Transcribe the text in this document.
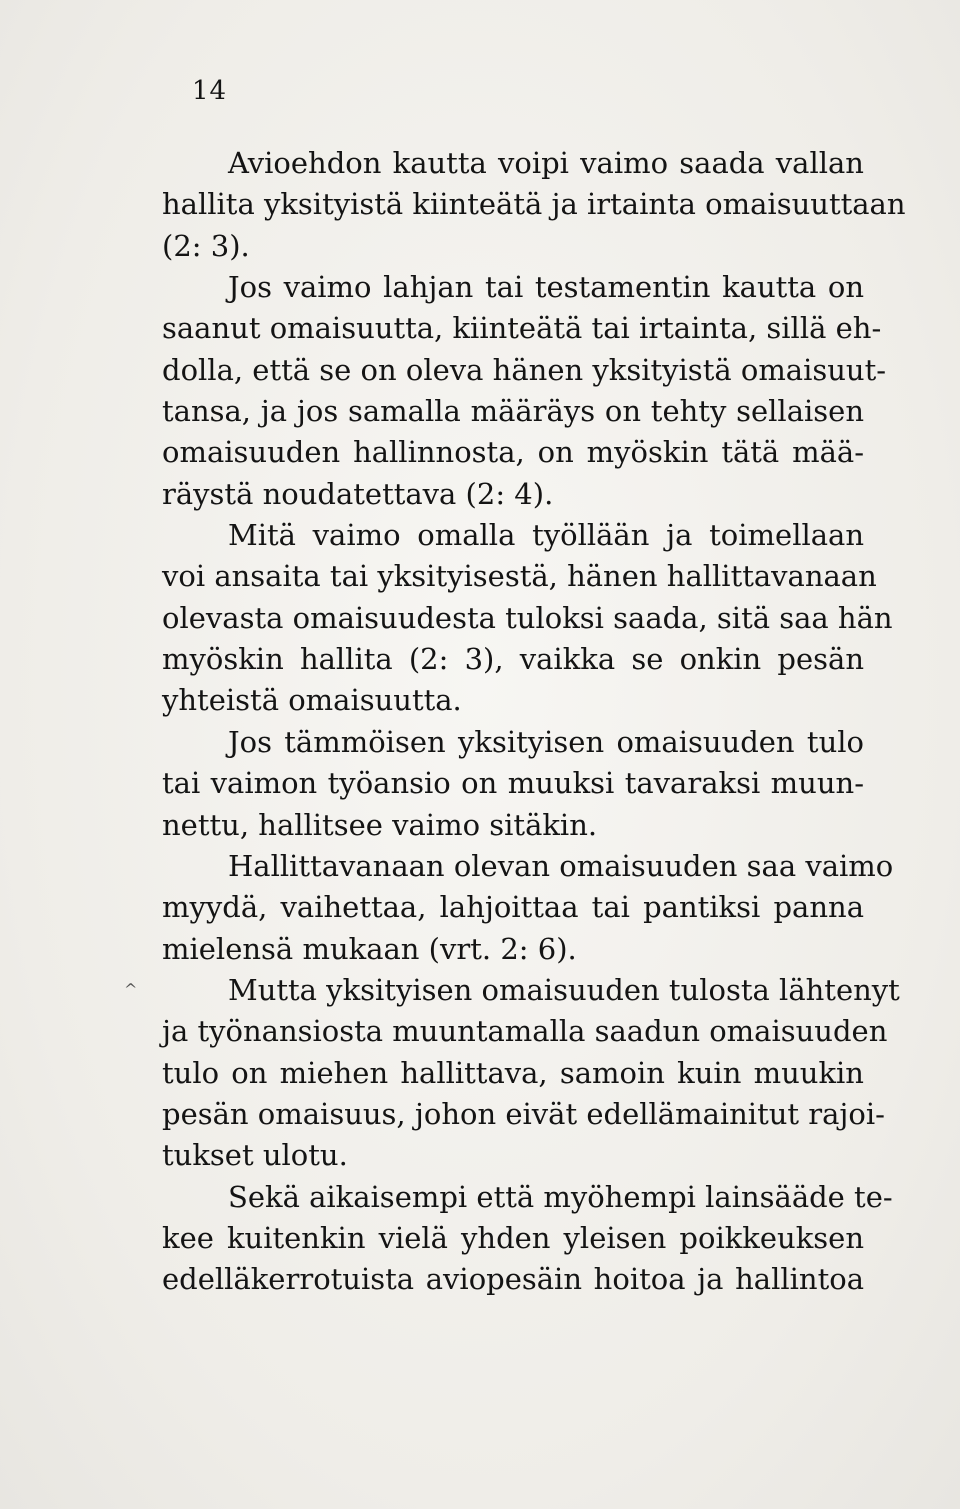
14
^
Avioehdon kautta voipi vaimo saada vallan
hallita yksityistä kiinteätä ja irtainta omaisuuttaan
(2: 3).
Jos vaimo lahjan tai testamentin kautta on
saanut omaisuutta, kiinteätä tai irtainta, sillä eh-
dolla, että se on oleva hänen yksityistä omaisuut-
tansa, ja jos samalla määräys on tehty sellaisen
omaisuuden hallinnosta, on myöskin tätä mää-
räystä noudatettava (2: 4).
Mitä vaimo omalla työllään ja toimellaan
voi ansaita tai yksityisestä, hänen hallittavanaan
olevasta omaisuudesta tuloksi saada, sitä saa hän
myöskin hallita (2: 3), vaikka se onkin pesän
yhteistä omaisuutta.
Jos tämmöisen yksityisen omaisuuden tulo
tai vaimon työansio on muuksi tavaraksi muun-
nettu, hallitsee vaimo sitäkin.
Hallittavanaan olevan omaisuuden saa vaimo
myydä, vaihettaa, lahjoittaa tai pantiksi panna
mielensä mukaan (vrt. 2: 6).
Mutta yksityisen omaisuuden tulosta lähtenyt
ja työnansiosta muuntamalla saadun omaisuuden
tulo on miehen hallittava, samoin kuin muukin
pesän omaisuus, johon eivät edellämainitut rajoi-
tukset ulotu.
Sekä aikaisempi että myöhempi lainsääde te-
kee kuitenkin vielä yhden yleisen poikkeuksen
edelläkerrotuista aviopesäin hoitoa ja hallintoa
